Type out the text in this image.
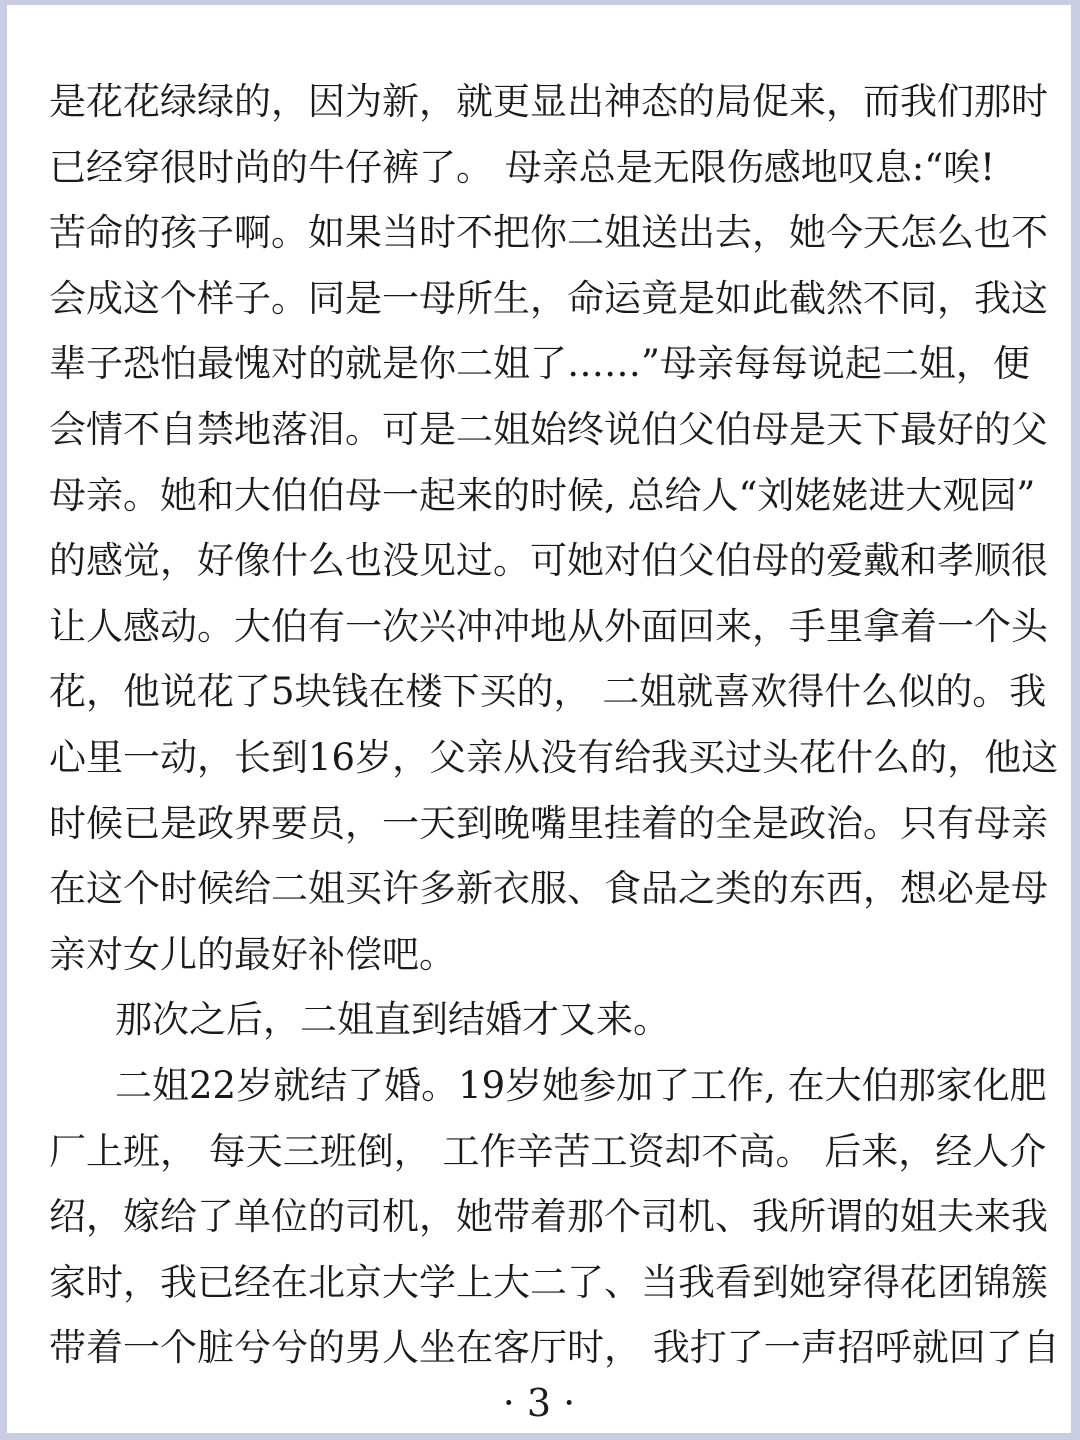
是花花绿绿的，因为新，就更显出神态的局促来，而我们那时
已经穿很时尚的牛仔裤了。 母亲总是无限伤感地叹息:“唉!
苦命的孩子啊。如果当时不把你二姐送出去，她今天怎么也不
会成这个样子。同是一母所生，命运竟是如此截然不同，我这
辈子恐怕最愧对的就是你二姐了……”母亲每每说起二姐，便
会情不自禁地落泪。可是二姐始终说伯父伯母是天下最好的父
母亲。她和大伯伯母一起来的时候, 总给人“刘姥姥进大观园”
的感觉，好像什么也没见过。可她对伯父伯母的爱戴和孝顺很
让人感动。大伯有一次兴冲冲地从外面回来，手里拿着一个头
花，他说花了5块钱在楼下买的， 二姐就喜欢得什么似的。我
心里一动，长到16岁，父亲从没有给我买过头花什么的，他这
时候已是政界要员，一天到晚嘴里挂着的全是政治。只有母亲
在这个时候给二姐买许多新衣服、食品之类的东西，想必是母
亲对女儿的最好补偿吧。
那次之后，二姐直到结婚才又来。
二姐22岁就结了婚。19岁她参加了工作, 在大伯那家化肥
厂上班， 每天三班倒， 工作辛苦工资却不高。 后来，经人介
绍，嫁给了单位的司机，她带着那个司机、我所谓的姐夫来我
家时，我已经在北京大学上大二了、当我看到她穿得花团锦簇
带着一个脏兮兮的男人坐在客厅时， 我打了一声招呼就回了自
· 3 ·
